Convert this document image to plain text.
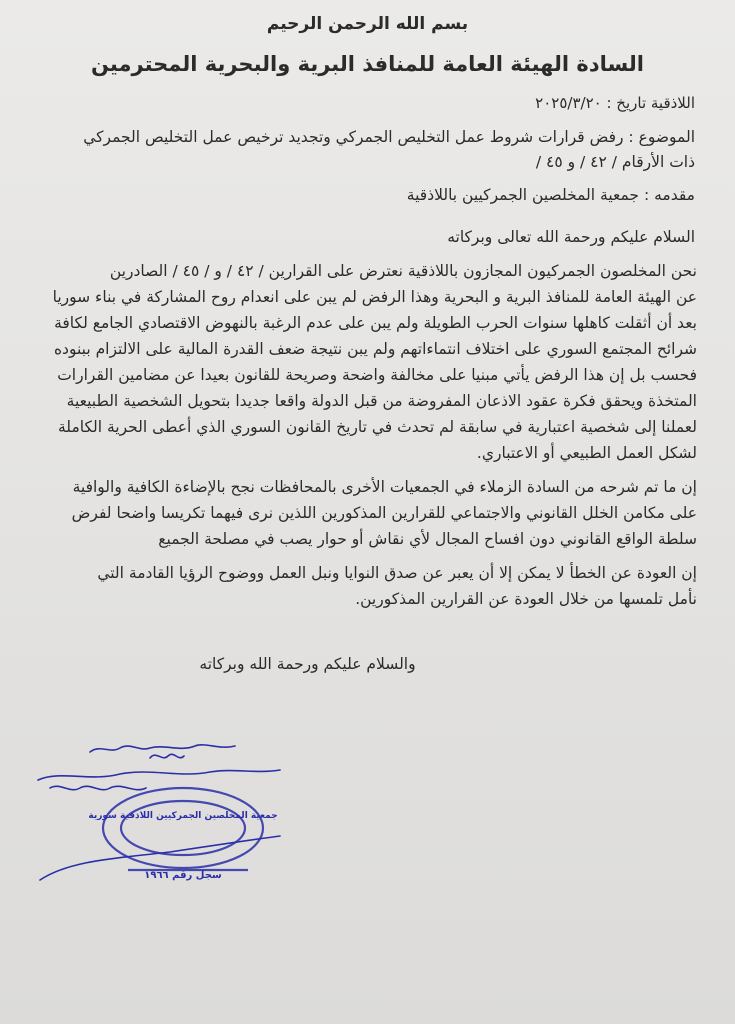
بسم الله الرحمن الرحيم
السادة الهيئة العامة للمنافذ البرية والبحرية المحترمين
اللاذقية تاريخ : ٢٠٢٥/٣/٢٠
الموضوع : رفض قرارات شروط عمل التخليص الجمركي وتجديد ترخيص عمل التخليص الجمركي
ذات الأرقام / ٤٢ / و ٤٥ /
مقدمه : جمعية المخلصين الجمركيين باللاذقية
السلام عليكم ورحمة الله تعالى وبركاته
نحن المخلصون الجمركيون المجازون باللاذقية نعترض على القرارين / ٤٢ / و / ٤٥ / الصادرين
عن الهيئة العامة للمنافذ البرية و البحرية وهذا الرفض لم يبن على انعدام روح المشاركة في بناء سوريا
بعد أن أثقلت كاهلها سنوات الحرب الطويلة ولم يبن على عدم الرغبة بالنهوض الاقتصادي الجامع لكافة
شرائح المجتمع السوري على اختلاف انتماءاتهم ولم يبن نتيجة ضعف القدرة المالية على الالتزام ببنوده
فحسب بل إن هذا الرفض يأتي مبنيا على مخالفة واضحة وصريحة للقانون بعيدا عن مضامين القرارات
المتخذة ويحقق فكرة عقود الاذعان المفروضة من قبل الدولة واقعا جديدا بتحويل الشخصية الطبيعية
لعملنا إلى شخصية اعتبارية في سابقة لم تحدث في تاريخ القانون السوري الذي أعطى الحرية الكاملة
لشكل العمل الطبيعي أو الاعتباري.
إن ما تم شرحه من السادة الزملاء في الجمعيات الأخرى بالمحافظات نجح بالإضاءة الكافية والوافية
على مكامن الخلل القانوني والاجتماعي للقرارين المذكورين اللذين نرى فيهما تكريسا واضحا لفرض
سلطة الواقع القانوني دون افساح المجال لأي نقاش أو حوار يصب في مصلحة الجميع
إن العودة عن الخطأ لا يمكن إلا أن يعبر عن صدق النوايا ونبل العمل ووضوح الرؤيا القادمة التي
نأمل تلمسها من خلال العودة عن القرارين المذكورين.
والسلام عليكم ورحمة الله وبركاته
جمعية المخلصين الجمركيين اللاذقية سورية
سجل رقم ١٩٦٦
